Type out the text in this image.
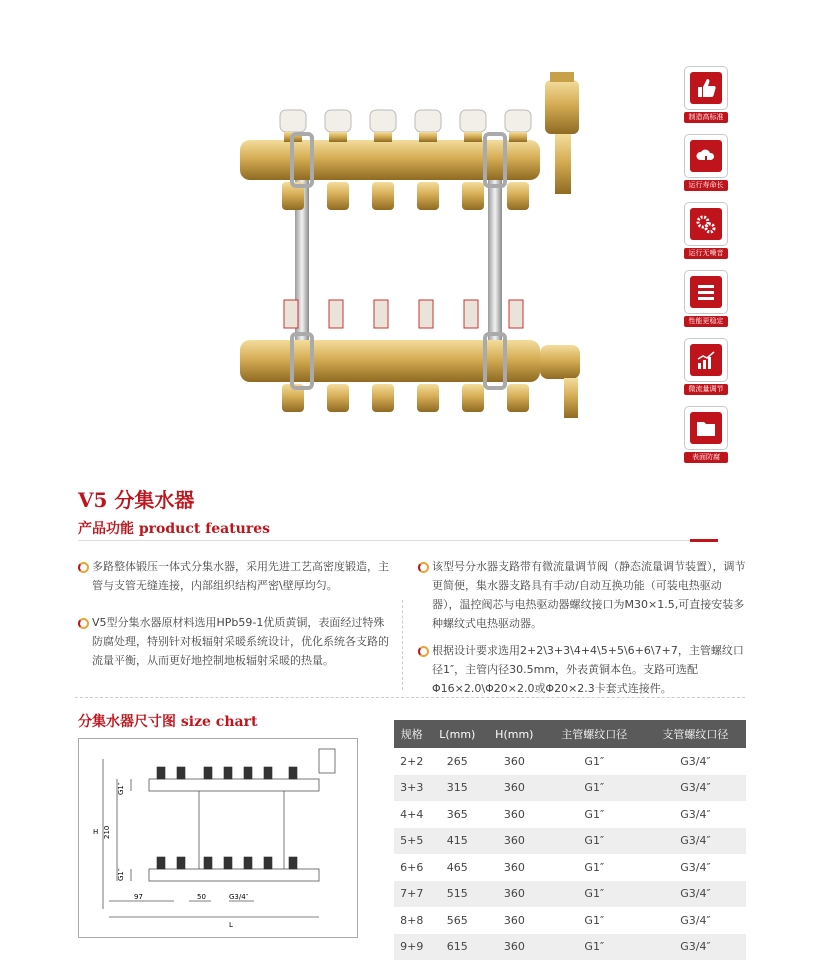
制造高标准
运行寿命长
运行无噪音
性能更稳定
微流量调节
表面防腐
V5 分集水器
产品功能 product features
多路整体锻压一体式分集水器，采用先进工艺高密度锻造，主管与支管无缝连接，内部组织结构严密\壁厚均匀。
V5型分集水器原材料选用HPb59-1优质黄铜，表面经过特殊防腐处理，特别针对板辐射采暖系统设计，优化系统各支路的流量平衡，从而更好地控制地板辐射采暖的热量。
该型号分水器支路带有微流量调节阀（静态流量调节装置），调节更简便，集水器支路具有手动/自动互换功能（可装电热驱动器），温控阀芯与电热驱动器螺纹接口为M30×1.5,可直接安装多种螺纹式电热驱动器。
根据设计要求选用2+2\3+3\4+4\5+5\6+6\7+7，主管螺纹口径1″，主管内径30.5mm，外表黄铜本色。支路可选配Φ16×2.0\Φ20×2.0或Φ20×2.3卡套式连接件。
分集水器尺寸图 size chart
H 210
G1″
G1″
97	50	G3/4″
L
规格	L(mm)	H(mm)	主管螺纹口径	支管螺纹口径
2+2	265	360	G1″	G3/4″
3+3	315	360	G1″	G3/4″
4+4	365	360	G1″	G3/4″
5+5	415	360	G1″	G3/4″
6+6	465	360	G1″	G3/4″
7+7	515	360	G1″	G3/4″
8+8	565	360	G1″	G3/4″
9+9	615	360	G1″	G3/4″
